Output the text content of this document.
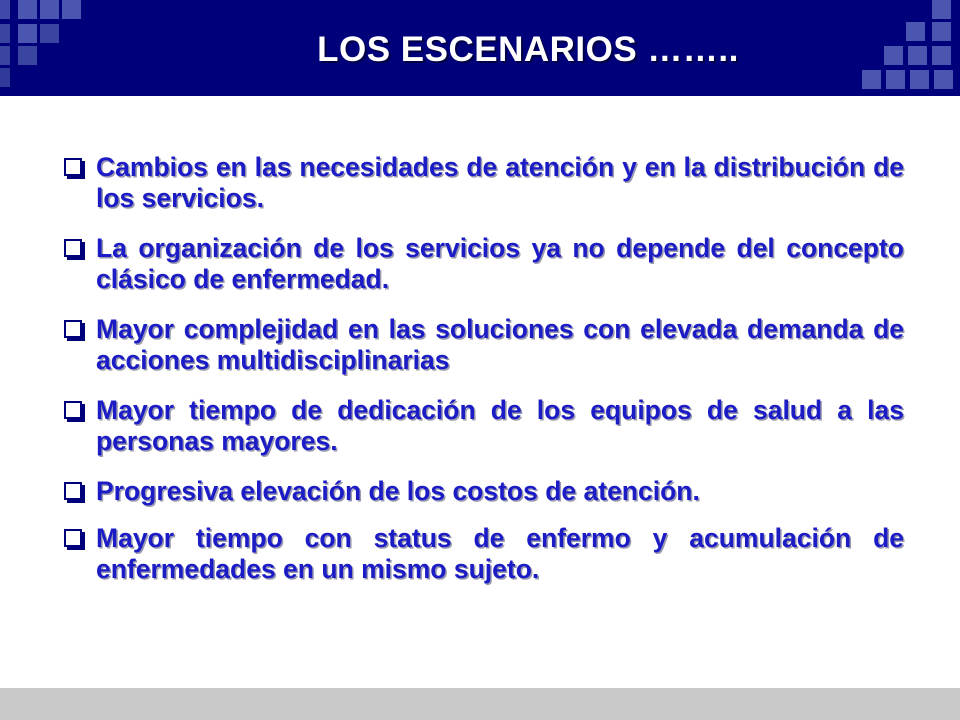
LOS ESCENARIOS ……..
Cambios en las necesidades de atención y en la distribución de los servicios.
La organización de los servicios ya no depende del concepto clásico de enfermedad.
Mayor complejidad en las soluciones con elevada demanda de acciones multidisciplinarias
Mayor tiempo de dedicación de los equipos de salud a las personas mayores.
Progresiva elevación de los costos de atención.
Mayor tiempo con status de enfermo y acumulación de enfermedades en un mismo sujeto.
